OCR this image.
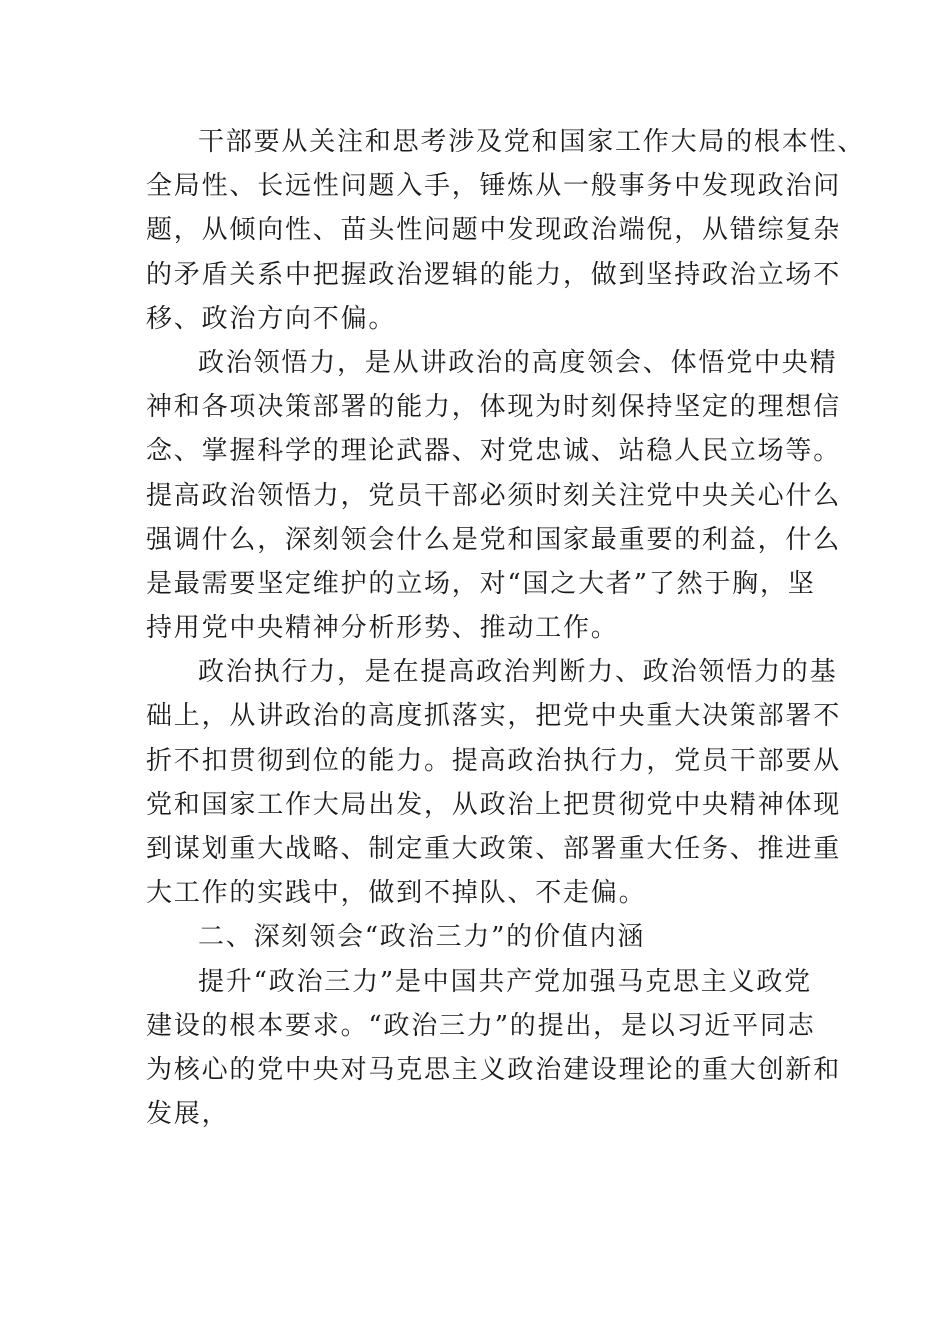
干部要从关注和思考涉及党和国家工作大局的根本性、
全局性、长远性问题入手，锤炼从一般事务中发现政治问
题，从倾向性、苗头性问题中发现政治端倪，从错综复杂
的矛盾关系中把握政治逻辑的能力，做到坚持政治立场不
移、政治方向不偏。
政治领悟力，是从讲政治的高度领会、体悟党中央精
神和各项决策部署的能力，体现为时刻保持坚定的理想信
念、掌握科学的理论武器、对党忠诚、站稳人民立场等。
提高政治领悟力，党员干部必须时刻关注党中央关心什么
强调什么，深刻领会什么是党和国家最重要的利益，什么
是最需要坚定维护的立场，对“国之大者”了然于胸，坚
持用党中央精神分析形势、推动工作。
政治执行力，是在提高政治判断力、政治领悟力的基
础上，从讲政治的高度抓落实，把党中央重大决策部署不
折不扣贯彻到位的能力。提高政治执行力，党员干部要从
党和国家工作大局出发，从政治上把贯彻党中央精神体现
到谋划重大战略、制定重大政策、部署重大任务、推进重
大工作的实践中，做到不掉队、不走偏。
二、深刻领会“政治三力”的价值内涵
提升“政治三力”是中国共产党加强马克思主义政党
建设的根本要求。“政治三力”的提出，是以习近平同志
为核心的党中央对马克思主义政治建设理论的重大创新和
发展，
